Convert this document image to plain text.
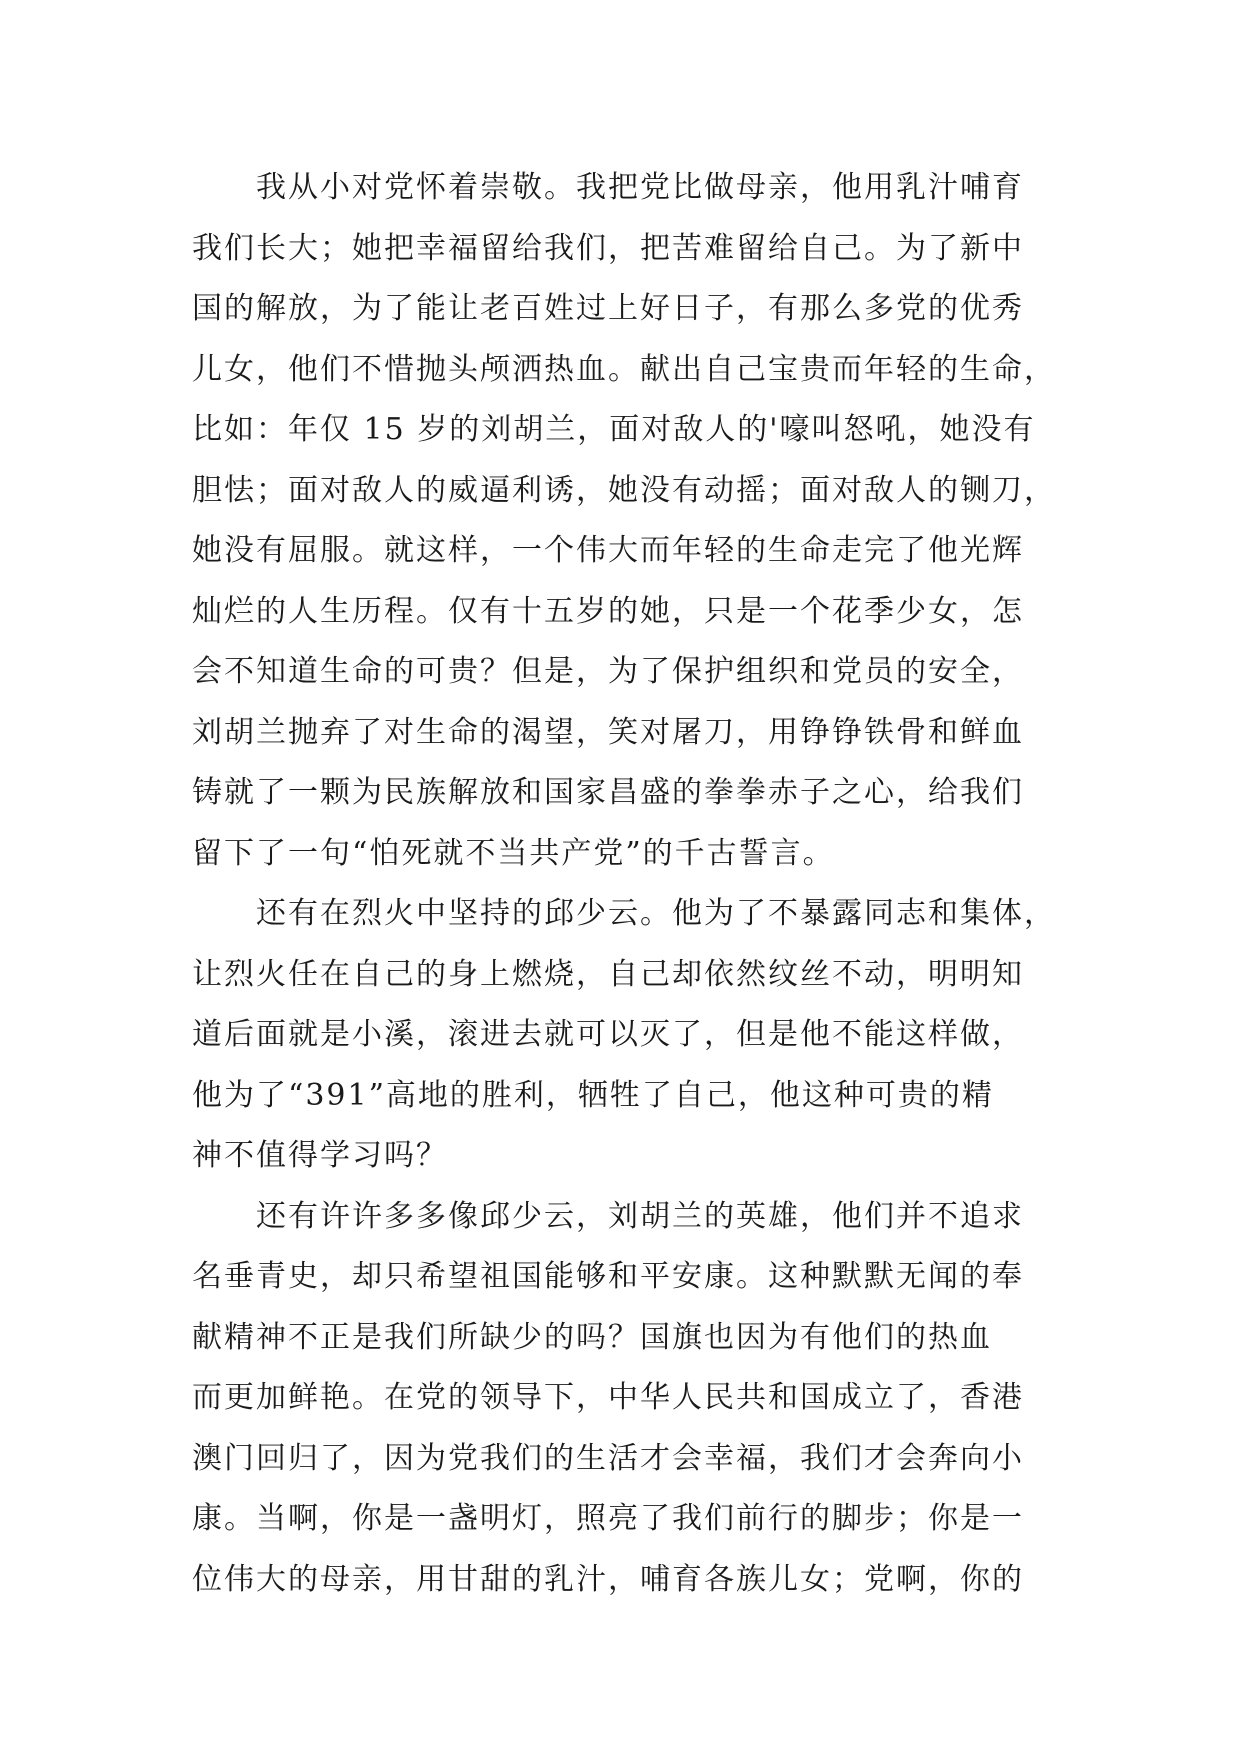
我从小对党怀着崇敬。我把党比做母亲，他用乳汁哺育
我们长大；她把幸福留给我们，把苦难留给自己。为了新中
国的解放，为了能让老百姓过上好日子，有那么多党的优秀
儿女，他们不惜抛头颅洒热血。献出自己宝贵而年轻的生命，
比如：年仅 15 岁的刘胡兰，面对敌人的'嚎叫怒吼，她没有
胆怯；面对敌人的威逼利诱，她没有动摇；面对敌人的铡刀，
她没有屈服。就这样，一个伟大而年轻的生命走完了他光辉
灿烂的人生历程。仅有十五岁的她，只是一个花季少女，怎
会不知道生命的可贵？但是，为了保护组织和党员的安全，
刘胡兰抛弃了对生命的渴望，笑对屠刀，用铮铮铁骨和鲜血
铸就了一颗为民族解放和国家昌盛的拳拳赤子之心，给我们
留下了一句“怕死就不当共产党”的千古誓言。
还有在烈火中坚持的邱少云。他为了不暴露同志和集体，
让烈火任在自己的身上燃烧，自己却依然纹丝不动，明明知
道后面就是小溪，滚进去就可以灭了，但是他不能这样做，
他为了“391”高地的胜利，牺牲了自己，他这种可贵的精
神不值得学习吗？
还有许许多多像邱少云，刘胡兰的英雄，他们并不追求
名垂青史，却只希望祖国能够和平安康。这种默默无闻的奉
献精神不正是我们所缺少的吗？国旗也因为有他们的热血
而更加鲜艳。在党的领导下，中华人民共和国成立了，香港
澳门回归了，因为党我们的生活才会幸福，我们才会奔向小
康。当啊，你是一盏明灯，照亮了我们前行的脚步；你是一
位伟大的母亲，用甘甜的乳汁，哺育各族儿女；党啊，你的
